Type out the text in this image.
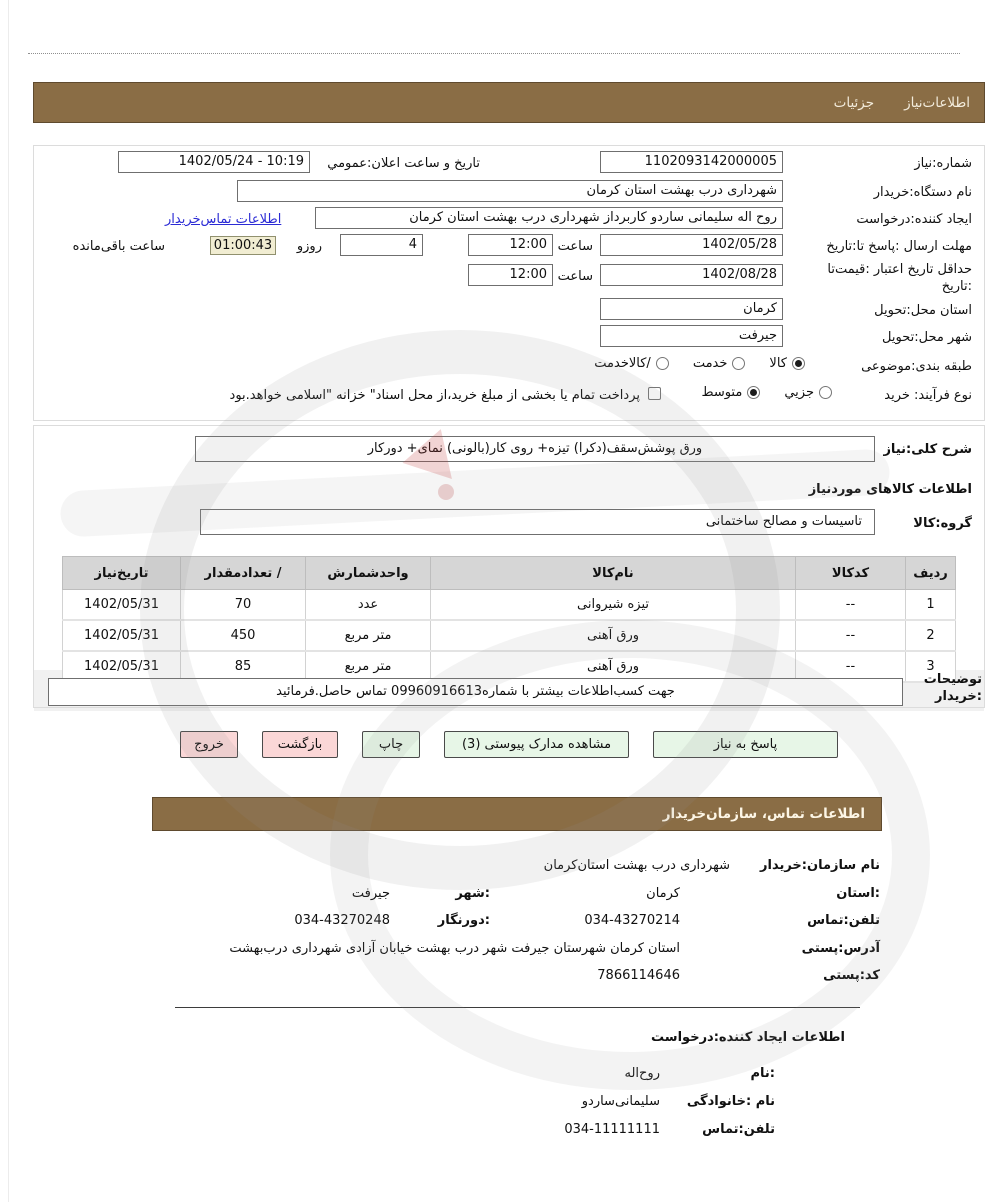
اطلاعات‌نیاز
جزئیات
شماره:نیاز
1102093142000005
تاریخ و ساعت اعلان:عمومي
1402/05/24 - 10:19
نام دستگاه:خریدار
شهرداری درب بهشت استان کرمان
ایجاد کننده:درخواست
روح اله سلیمانی ساردو کاربرداز شهرداری درب بهشت استان کرمان
اطلاعات تماس‌خریدار
مهلت ارسال :پاسخ تا:تاریخ
1402/05/28
ساعت
12:00
4
روزو
01:00:43
ساعت باقی‌مانده
حداقل تاریخ اعتبار :قیمت‌تا
:تاریخ
1402/08/28
ساعت
12:00
استان محل:تحویل
کرمان
شهر محل:تحویل
جیرفت
طبقه بندی:موضوعی
کالا
خدمت
/کالاخدمت
نوع فرآیند: خرید
جزيي
متوسط
پرداخت تمام یا بخشی از مبلغ خرید،از محل اسناد" خزانه "اسلامی خواهد.بود
شرح کلی:نیاز
ورق پوشش‌سقف(دکرا) تیزه+ روی کار(بالونی) نمای+ دورکار
اطلاعات کالاهای موردنیاز
گروه:کالا
تاسیسات و مصالح ساختمانی
ردیف	کدکالا	نام‌کالا	واحدشمارش	/ تعدادمقدار	تاریخ‌نیاز
1	--	تیزه شیروانی	عدد	70	1402/05/31
2	--	ورق آهنی	متر مربع	450	1402/05/31
3	--	ورق آهنی	متر مربع	85	1402/05/31
توضیحات
:خریدار
جهت کسب‌اطلاعات بیشتر با شماره09960916613 تماس حاصل.فرمائید
پاسخ به نیاز
مشاهده مدارک پیوستی (3)
چاپ
بازگشت
خروج
اطلاعات تماس، سازمان‌خریدار
نام سازمان:خریدار
شهرداری درب بهشت استان‌کرمان
:استان
کرمان
:شهر
جیرفت
تلفن:تماس
034-43270214
:دورنگار
034-43270248
آدرس:پستی
استان کرمان شهرستان جیرفت شهر درب بهشت خیابان آزادی شهرداری درب‌بهشت
کد:پستی
7866114646
اطلاعات ایجاد کننده:درخواست
:نام
روح‌اله
نام :خانوادگی
سلیمانی‌ساردو
تلفن:تماس
034-11111111
